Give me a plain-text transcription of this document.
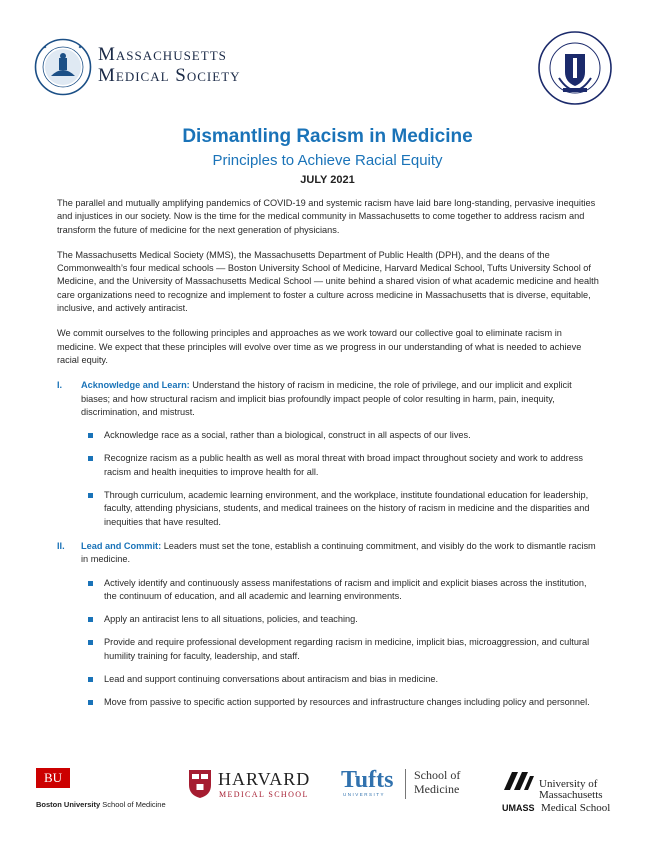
Massachusetts
Medical Society
Dismantling Racism in Medicine
Principles to Achieve Racial Equity
JULY 2021

The parallel and mutually amplifying pandemics of COVID-19 and systemic racism have laid bare long-standing, pervasive inequities and injustices in our society. Now is the time for the medical community in Massachusetts to come together to address racism and transform the future of medicine for the next generation of physicians.

The Massachusetts Medical Society (MMS), the Massachusetts Department of Public Health (DPH), and the deans of the Commonwealth’s four medical schools — Boston University School of Medicine, Harvard Medical School, Tufts University School of Medicine, and the University of Massachusetts Medical School — unite behind a shared vision of what academic medicine and health care organizations need to recognize and implement to foster a culture across medicine in Massachusetts that is diverse, equitable, inclusive, and actively antiracist.

We commit ourselves to the following principles and approaches as we work toward our collective goal to eliminate racism in medicine. We expect that these principles will evolve over time as we progress in our understanding of what is needed to achieve racial equity.

I. Acknowledge and Learn: Understand the history of racism in medicine, the role of privilege, and our implicit and explicit biases; and how structural racism and implicit bias profoundly impact people of color resulting in harm, pain, inequity, discrimination, and mistrust.
Acknowledge race as a social, rather than a biological, construct in all aspects of our lives.
Recognize racism as a public health as well as moral threat with broad impact throughout society and work to address racism and health inequities to improve health for all.
Through curriculum, academic learning environment, and the workplace, institute foundational education for leadership, faculty, attending physicians, students, and medical trainees on the history of racism in medicine and the disparities and inequities that have resulted.
II. Lead and Commit: Leaders must set the tone, establish a continuing commitment, and visibly do the work to dismantle racism in medicine.
Actively identify and continuously assess manifestations of racism and implicit and explicit biases across the institution, the continuum of education, and all academic and learning environments.
Apply an antiracist lens to all situations, policies, and teaching.
Provide and require professional development regarding racism in medicine, implicit bias, microaggression, and cultural humility training for faculty, leadership, and staff.
Lead and support continuing conversations about antiracism and bias in medicine.
Move from passive to specific action supported by resources and infrastructure changes including policy and personnel.
BU
Boston University School of Medicine
HARVARD
MEDICAL SCHOOL
Tufts
UNIVERSITY
School of
Medicine	University of
Massachusetts
UMASS Medical School
